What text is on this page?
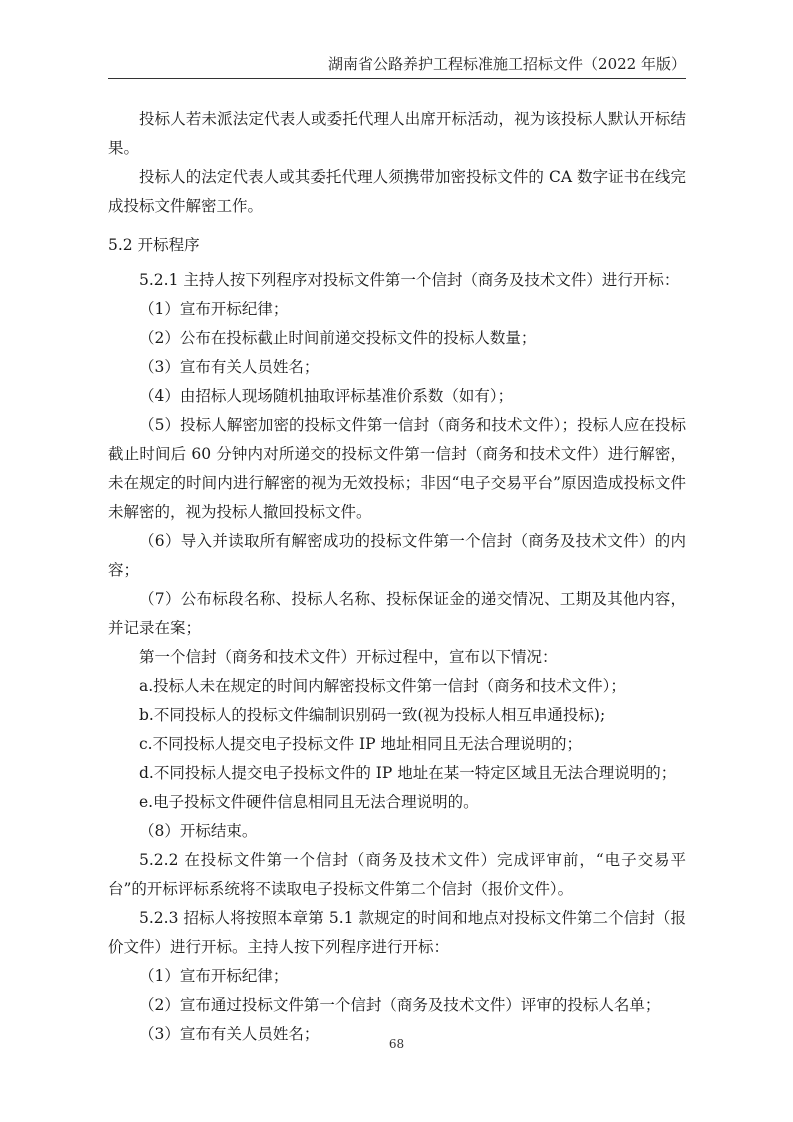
湖南省公路养护工程标准施工招标文件（2022 年版）

投标人若未派法定代表人或委托代理人出席开标活动，视为该投标人默认开标结果。

投标人的法定代表人或其委托代理人须携带加密投标文件的 CA 数字证书在线完成投标文件解密工作。

5.2 开标程序

5.2.1 主持人按下列程序对投标文件第一个信封（商务及技术文件）进行开标：

（1）宣布开标纪律；

（2）公布在投标截止时间前递交投标文件的投标人数量；

（3）宣布有关人员姓名；

（4）由招标人现场随机抽取评标基准价系数（如有）；

（5）投标人解密加密的投标文件第一信封（商务和技术文件）；投标人应在投标截止时间后 60 分钟内对所递交的投标文件第一信封（商务和技术文件）进行解密，未在规定的时间内进行解密的视为无效投标；非因“电子交易平台”原因造成投标文件未解密的，视为投标人撤回投标文件。

（6）导入并读取所有解密成功的投标文件第一个信封（商务及技术文件）的内容；

（7）公布标段名称、投标人名称、投标保证金的递交情况、工期及其他内容，并记录在案；

第一个信封（商务和技术文件）开标过程中，宣布以下情况：

a.投标人未在规定的时间内解密投标文件第一信封（商务和技术文件）；

b.不同投标人的投标文件编制识别码一致(视为投标人相互串通投标);

c.不同投标人提交电子投标文件 IP 地址相同且无法合理说明的；

d.不同投标人提交电子投标文件的 IP 地址在某一特定区域且无法合理说明的；

e.电子投标文件硬件信息相同且无法合理说明的。

（8）开标结束。

5.2.2 在投标文件第一个信封（商务及技术文件）完成评审前，“电子交易平台”的开标评标系统将不读取电子投标文件第二个信封（报价文件）。

5.2.3 招标人将按照本章第 5.1 款规定的时间和地点对投标文件第二个信封（报价文件）进行开标。主持人按下列程序进行开标：

（1）宣布开标纪律；

（2）宣布通过投标文件第一个信封（商务及技术文件）评审的投标人名单；

（3）宣布有关人员姓名；

68
